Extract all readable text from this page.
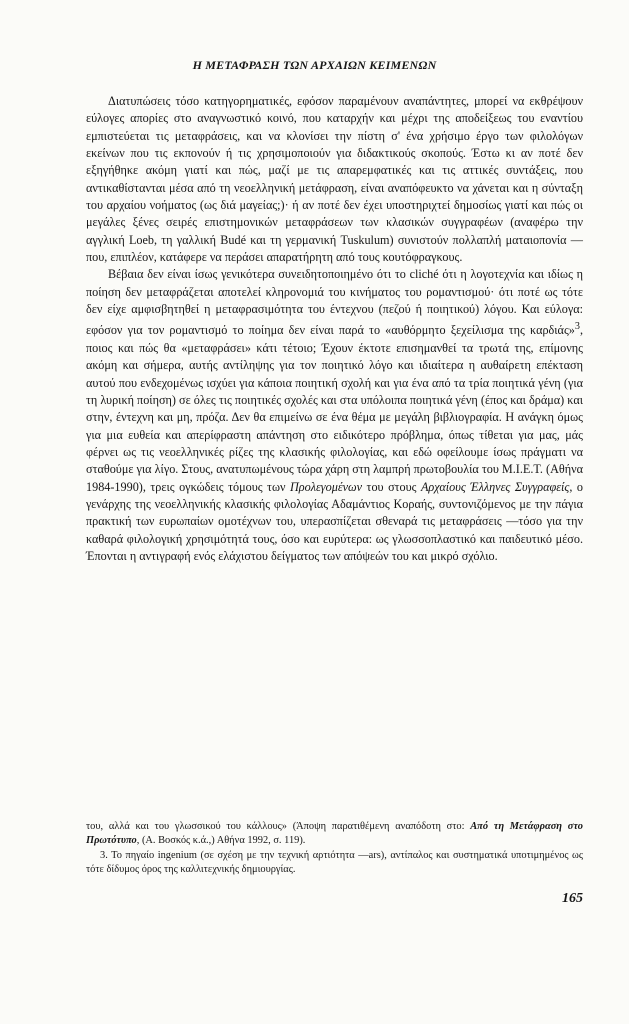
Η ΜΕΤΑΦΡΑΣΗ ΤΩΝ ΑΡΧΑΙΩΝ ΚΕΙΜΕΝΩΝ

Διατυπώσεις τόσο κατηγορηματικές, εφόσον παραμένουν αναπάντητες, μπορεί να εκθρέψουν εύλογες απορίες στο αναγνωστικό κοινό, που καταρχήν και μέχρι της αποδείξεως του εναντίου εμπιστεύεται τις μεταφράσεις, και να κλονίσει την πίστη σ' ένα χρήσιμο έργο των φιλολόγων εκείνων που τις εκπονούν ή τις χρησιμοποιούν για διδακτικούς σκοπούς. Έστω κι αν ποτέ δεν εξηγήθηκε ακόμη γιατί και πώς, μαζί με τις απαρεμφατικές και τις αττικές συντάξεις, που αντικαθίστανται μέσα από τη νεοελληνική μετάφραση, είναι αναπόφευκτο να χάνεται και η σύνταξη του αρχαίου νοήματος (ως διά μαγείας;)· ή αν ποτέ δεν έχει υποστηριχτεί δημοσίως γιατί και πώς οι μεγάλες ξένες σειρές επιστημονικών μεταφράσεων των κλασικών συγγραφέων (αναφέρω την αγγλική Loeb, τη γαλλική Budé και τη γερμανική Tuskulum) συνιστούν πολλαπλή ματαιοπονία —που, επιπλέον, κατάφερε να περάσει απαρατήρητη από τους κουτόφραγκους.

Βέβαια δεν είναι ίσως γενικότερα συνειδητοποιημένο ότι το cliché ότι η λογοτεχνία και ιδίως η ποίηση δεν μεταφράζεται αποτελεί κληρονομιά του κινήματος του ρομαντισμού· ότι ποτέ ως τότε δεν είχε αμφισβητηθεί η μεταφρασιμότητα του έντεχνου (πεζού ή ποιητικού) λόγου. Και εύλογα: εφόσον για τον ρομαντισμό το ποίημα δεν είναι παρά το «αυθόρμητο ξεχείλισμα της καρδιάς»$^3$, ποιος και πώς θα «μεταφράσει» κάτι τέτοιο; Έχουν έκτοτε επισημανθεί τα τρωτά της, επίμονης ακόμη και σήμερα, αυτής αντίληψης για τον ποιητικό λόγο και ιδιαίτερα η αυθαίρετη επέκταση αυτού που ενδεχομένως ισχύει για κάποια ποιητική σχολή και για ένα από τα τρία ποιητικά γένη (για τη λυρική ποίηση) σε όλες τις ποιητικές σχολές και στα υπόλοιπα ποιητικά γένη (έπος και δράμα) και στην, έντεχνη και μη, πρόζα. Δεν θα επιμείνω σε ένα θέμα με μεγάλη βιβλιογραφία. Η ανάγκη όμως για μια ευθεία και απερίφραστη απάντηση στο ειδικότερο πρόβλημα, όπως τίθεται για μας, μάς φέρνει ως τις νεοελληνικές ρίζες της κλασικής φιλολογίας, και εδώ οφείλουμε ίσως πράγματι να σταθούμε για λίγο. Στους, ανατυπωμένους τώρα χάρη στη λαμπρή πρωτοβουλία του Μ.Ι.Ε.Τ. (Αθήνα 1984-1990), τρεις ογκώδεις τόμους των Προλεγομένων του στους Αρχαίους Έλληνες Συγγραφείς, ο γενάρχης της νεοελληνικής κλασικής φιλολογίας Αδαμάντιος Κοραής, συντονιζόμενος με την πάγια πρακτική των ευρωπαίων ομοτέχνων του, υπερασπίζεται σθεναρά τις μεταφράσεις —τόσο για την καθαρά φιλολογική χρησιμότητά τους, όσο και ευρύτερα: ως γλωσσοπλαστικό και παιδευτικό μέσο. Έπονται η αντιγραφή ενός ελάχιστου δείγματος των απόψεών του και μικρό σχόλιο.

του, αλλά και του γλωσσικού του κάλλους» (Άποψη παρατιθέμενη αναπόδοτη στο: Από τη Μετάφραση στο Πρωτότυπο, (Α. Βοσκός κ.ά.,) Αθήνα 1992, σ. 119).

3. Το πηγαίο ingenium (σε σχέση με την τεχνική αρτιότητα —ars), αντίπαλος και συστηματικά υποτιμημένος ως τότε δίδυμος όρος της καλλιτεχνικής δημιουργίας.

165
